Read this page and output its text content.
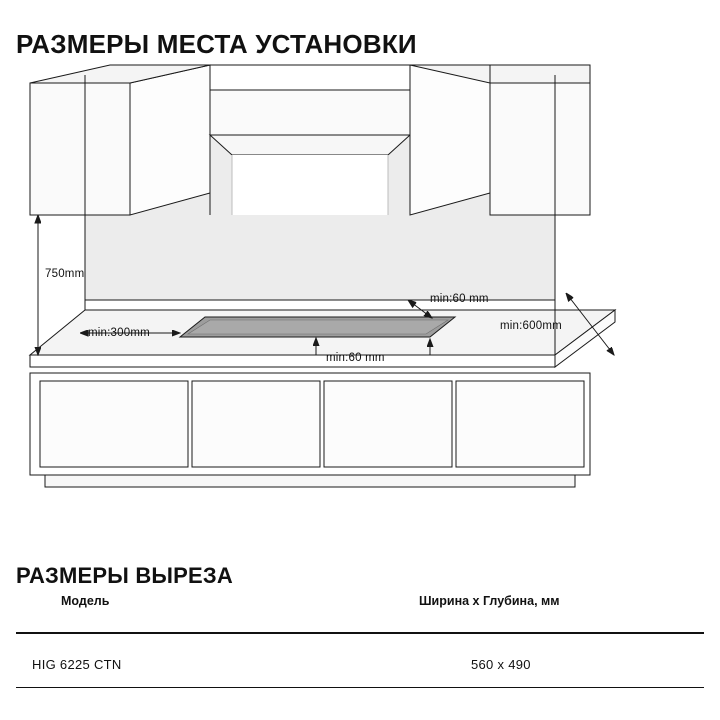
РАЗМЕРЫ МЕСТА УСТАНОВКИ
750mm
min:60 mm
min:600mm
min:300mm
min:60 mm
РАЗМЕРЫ ВЫРЕЗА
Модель	Ширина x Глубина, мм
HIG 6225 CTN	560 x 490
